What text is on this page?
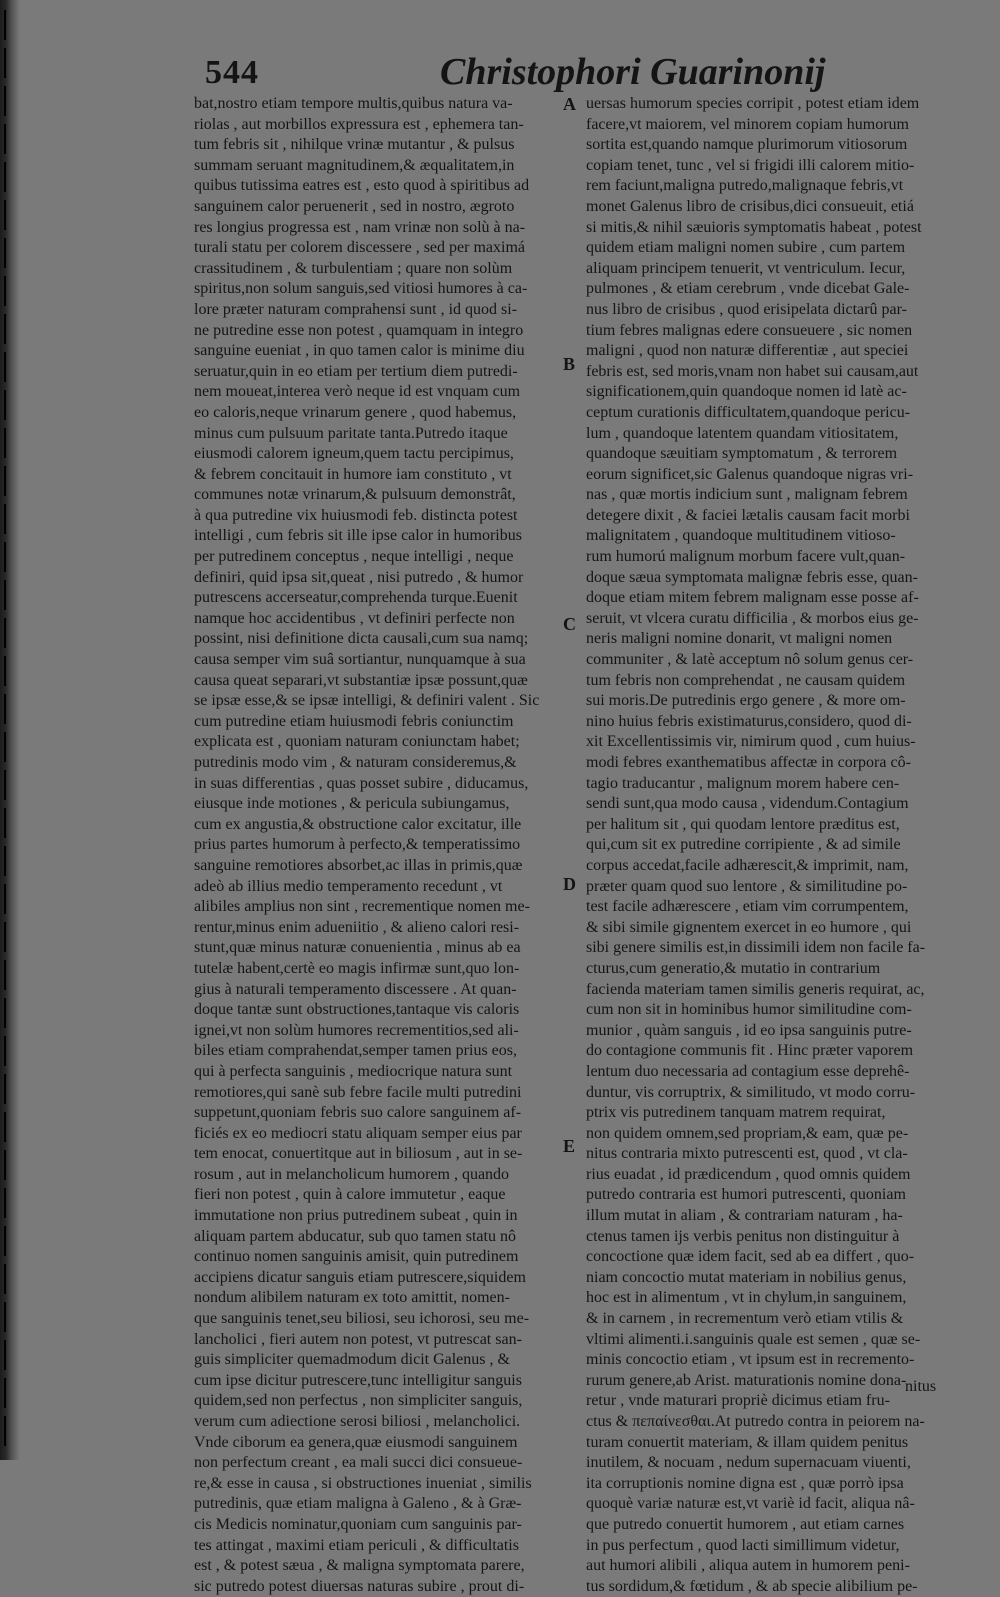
544	Christophori Guarinonij
bat,nostro etiam tempore multis,quibus natura va-
riolas , aut morbillos expressura est , ephemera tan-
tum febris sit , nihilque vrinæ mutantur , & pulsus
summam seruant magnitudinem,& æqualitatem,in
quibus tutissima eatres est , esto quod à spiritibus ad
sanguinem calor peruenerit , sed in nostro, ægroto
res longius progressa est , nam vrinæ non solù à na-
turali statu per colorem discessere , sed per maximá
crassitudinem , & turbulentiam ; quare non solùm
spiritus,non solum sanguis,sed vitiosi humores à ca-
lore præter naturam comprahensi sunt , id quod si-
ne putredine esse non potest , quamquam in integro
sanguine eueniat , in quo tamen calor is minime diu
seruatur,quin in eo etiam per tertium diem putredi-
nem moueat,interea verò neque id est vnquam cum
eo caloris,neque vrinarum genere , quod habemus,
minus cum pulsuum paritate tanta.Putredo itaque
eiusmodi calorem igneum,quem tactu percipimus,
& febrem concitauit in humore iam constituto , vt
communes notæ vrinarum,& pulsuum demonstrât,
à qua putredine vix huiusmodi feb. distincta potest
intelligi , cum febris sit ille ipse calor in humoribus
per putredinem conceptus , neque intelligi , neque
definiri, quid ipsa sit,queat , nisi putredo , & humor
putrescens accerseatur,comprehenda turque.Euenit
namque hoc accidentibus , vt definiri perfecte non
possint, nisi definitione dicta causali,cum sua namq;
causa semper vim suâ sortiantur, nunquamque à sua
causa queat separari,vt substantiæ ipsæ possunt,quæ
se ipsæ esse,& se ipsæ intelligi, & definiri valent . Sic
cum putredine etiam huiusmodi febris coniunctim
explicata est , quoniam naturam coniunctam habet;
putredinis modo vim , & naturam consideremus,&
in suas differentias , quas posset subire , diducamus,
eiusque inde motiones , & pericula subiungamus,
cum ex angustia,& obstructione calor excitatur, ille
prius partes humorum à perfecto,& temperatissimo
sanguine remotiores absorbet,ac illas in primis,quæ
adeò ab illius medio temperamento recedunt , vt
alibiles amplius non sint , recrementique nomen me-
rentur,minus enim adueniitio , & alieno calori resi-
stunt,quæ minus naturæ conuenientia , minus ab ea
tutelæ habent,certè eo magis infirmæ sunt,quo lon-
gius à naturali temperamento discessere . At quan-
doque tantæ sunt obstructiones,tantaque vis caloris
ignei,vt non solùm humores recrementitios,sed ali-
biles etiam comprahendat,semper tamen prius eos,
qui à perfecta sanguinis , mediocrique natura sunt
remotiores,qui sanè sub febre facile multi putredini
suppetunt,quoniam febris suo calore sanguinem af-
ficiés ex eo mediocri statu aliquam semper eius par
tem enocat, conuertitque aut in biliosum , aut in se-
rosum , aut in melancholicum humorem , quando
fieri non potest , quin à calore immutetur , eaque
immutatione non prius putredinem subeat , quin in
aliquam partem abducatur, sub quo tamen statu nô
continuo nomen sanguinis amisit, quin putredinem
accipiens dicatur sanguis etiam putrescere,siquidem
nondum alibilem naturam ex toto amittit, nomen-
que sanguinis tenet,seu biliosi, seu ichorosi, seu me-
lancholici , fieri autem non potest, vt putrescat san-
guis simpliciter quemadmodum dicit Galenus , &
cum ipse dicitur putrescere,tunc intelligitur sanguis
quidem,sed non perfectus , non simpliciter sanguis,
verum cum adiectione serosi biliosi , melancholici.
Vnde ciborum ea genera,quæ eiusmodi sanguinem
non perfectum creant , ea mali succi dici consueue-
re,& esse in causa , si obstructiones inueniat , similis
putredinis, quæ etiam maligna à Galeno , & à Græ-
cis Medicis nominatur,quoniam cum sanguinis par-
tes attingat , maximi etiam periculi , & difficultatis
est , & potest sæua , & maligna symptomata parere,
sic putredo potest diuersas naturas subire , prout di-
uersas humorum species corripit , potest etiam idem
facere,vt maiorem, vel minorem copiam humorum
sortita est,quando namque plurimorum vitiosorum
copiam tenet, tunc , vel si frigidi illi calorem mitio-
rem faciunt,maligna putredo,malignaque febris,vt
monet Galenus libro de crisibus,dici consueuit, etiá
si mitis,& nihil sæuioris symptomatis habeat , potest
quidem etiam maligni nomen subire , cum partem
aliquam principem tenuerit, vt ventriculum. Iecur,
pulmones , & etiam cerebrum , vnde dicebat Gale-
nus libro de crisibus , quod erisipelata dictarû par-
tium febres malignas edere consueuere , sic nomen
maligni , quod non naturæ differentiæ , aut speciei
febris est, sed moris,vnam non habet sui causam,aut
significationem,quin quandoque nomen id latè ac-
ceptum curationis difficultatem,quandoque pericu-
lum , quandoque latentem quandam vitiositatem,
quandoque sæuitiam symptomatum , & terrorem
eorum significet,sic Galenus quandoque nigras vri-
nas , quæ mortis indicium sunt , malignam febrem
detegere dixit , & faciei lætalis causam facit morbi
malignitatem , quandoque multitudinem vitioso-
rum humorú malignum morbum facere vult,quan-
doque sæua symptomata malignæ febris esse, quan-
doque etiam mitem febrem malignam esse posse af-
seruit, vt vlcera curatu difficilia , & morbos eius ge-
neris maligni nomine donarit, vt maligni nomen
communiter , & latè acceptum nô solum genus cer-
tum febris non comprehendat , ne causam quidem
sui moris.De putredinis ergo genere , & more om-
nino huius febris existimaturus,considero, quod di-
xit Excellentissimis vir, nimirum quod , cum huius-
modi febres exanthematibus affectæ in corpora cô-
tagio traducantur , malignum morem habere cen-
sendi sunt,qua modo causa , videndum.Contagium
per halitum sit , qui quodam lentore præditus est,
qui,cum sit ex putredine corripiente , & ad simile
corpus accedat,facile adhærescit,& imprimit, nam,
præter quam quod suo lentore , & similitudine po-
test facile adhærescere , etiam vim corrumpentem,
& sibi simile gignentem exercet in eo humore , qui
sibi genere similis est,in dissimili idem non facile fa-
cturus,cum generatio,& mutatio in contrarium
facienda materiam tamen similis generis requirat, ac,
cum non sit in hominibus humor similitudine com-
munior , quàm sanguis , id eo ipsa sanguinis putre-
do contagione communis fit . Hinc præter vaporem
lentum duo necessaria ad contagium esse deprehê-
duntur, vis corruptrix, & similitudo, vt modo corru-
ptrix vis putredinem tanquam matrem requirat,
non quidem omnem,sed propriam,& eam, quæ pe-
nitus contraria mixto putrescenti est, quod , vt cla-
rius euadat , id prædicendum , quod omnis quidem
putredo contraria est humori putrescenti, quoniam
illum mutat in aliam , & contrariam naturam , ha-
ctenus tamen ijs verbis penitus non distinguitur à
concoctione quæ idem facit, sed ab ea differt , quo-
niam concoctio mutat materiam in nobilius genus,
hoc est in alimentum , vt in chylum,in sanguinem,
& in carnem , in recrementum verò etiam vtilis &
vltimi alimenti.i.sanguinis quale est semen , quæ se-
minis concoctio etiam , vt ipsum est in recremento-
rurum genere,ab Arist. maturationis nomine dona-
retur , vnde maturari propriè dicimus etiam fru-
ctus & πεπαίνεσθαι.At putredo contra in peiorem na-
turam conuertit materiam, & illam quidem penitus
inutilem, & nocuam , nedum supernacuam viuenti,
ita corruptionis nomine digna est , quæ porrò ipsa
quoquè variæ naturæ est,vt variè id facit, aliqua nâ-
que putredo conuertit humorem , aut etiam carnes
in pus perfectum , quod lacti simillimum videtur,
aut humori alibili , aliqua autem in humorem peni-
tus sordidum,& fœtidum , & ab specie alibilium pe-
A
B
C
D
E
nitus
